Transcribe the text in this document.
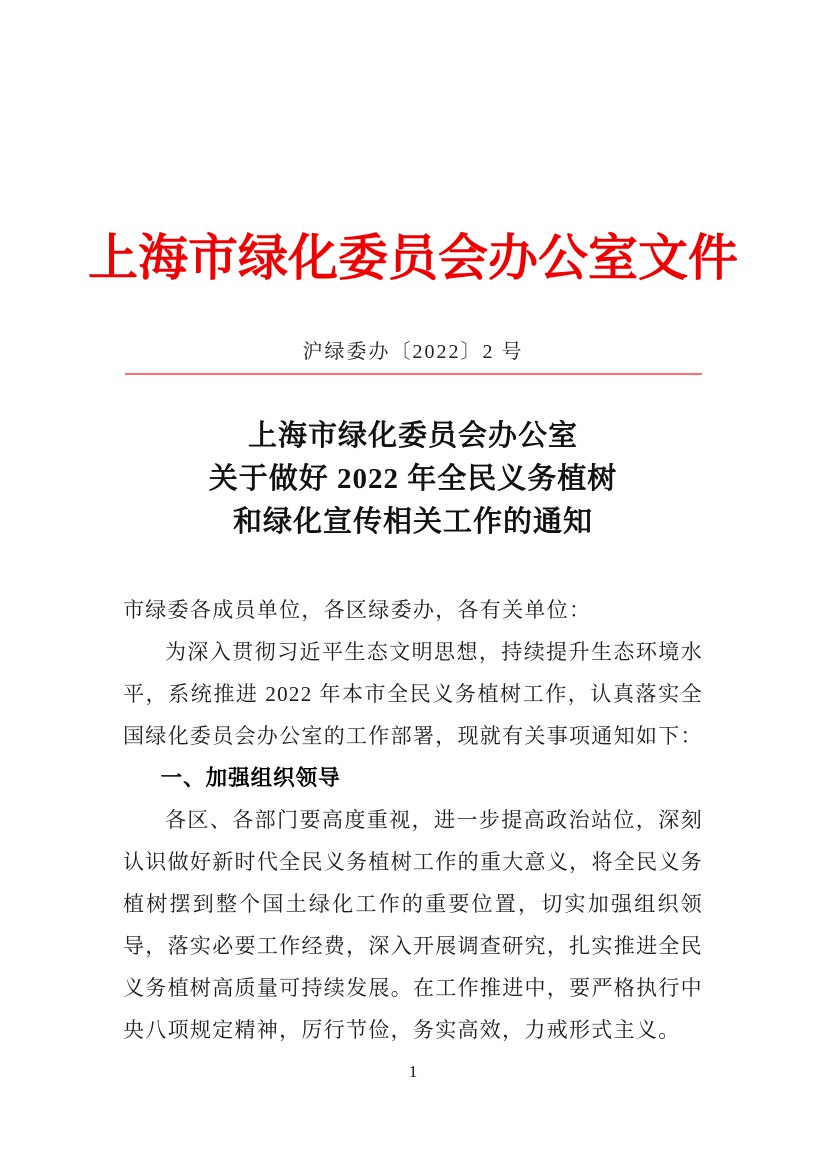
上海市绿化委员会办公室文件
沪绿委办〔2022〕2 号
上海市绿化委员会办公室
关于做好 2022 年全民义务植树
和绿化宣传相关工作的通知

市绿委各成员单位，各区绿委办，各有关单位：

为深入贯彻习近平生态文明思想，持续提升生态环境水平，系统推进 2022 年本市全民义务植树工作，认真落实全国绿化委员会办公室的工作部署，现就有关事项通知如下：

一、加强组织领导

各区、各部门要高度重视，进一步提高政治站位，深刻认识做好新时代全民义务植树工作的重大意义，将全民义务植树摆到整个国土绿化工作的重要位置，切实加强组织领导，落实必要工作经费，深入开展调查研究，扎实推进全民义务植树高质量可持续发展。在工作推进中，要严格执行中央八项规定精神，厉行节俭，务实高效，力戒形式主义。

1
